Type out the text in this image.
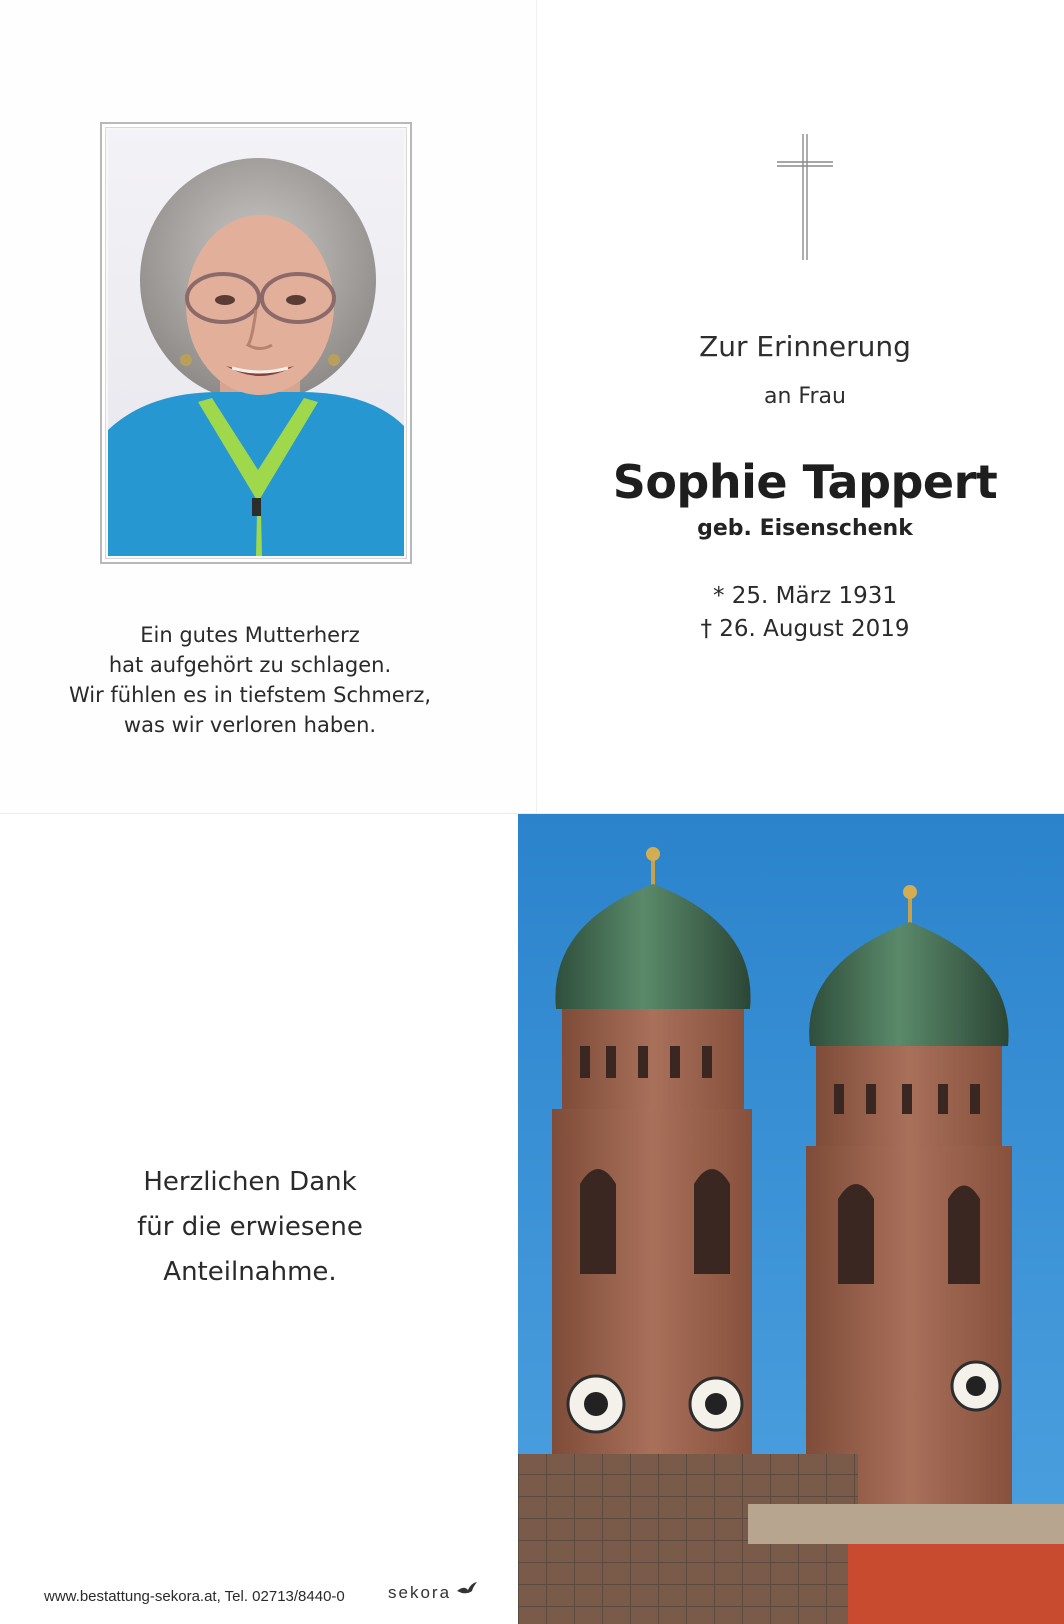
Ein gutes Mutterherz
hat aufgehört zu schlagen.
Wir fühlen es in tiefstem Schmerz,
was wir verloren haben.
Zur Erinnerung
an Frau
Sophie Tappert
geb. Eisenschenk
* 25. März 1931
† 26. August 2019
Herzlichen Dank
für die erwiesene
Anteilnahme.
www.bestattung-sekora.at, Tel. 02713/8440-0	sekora
